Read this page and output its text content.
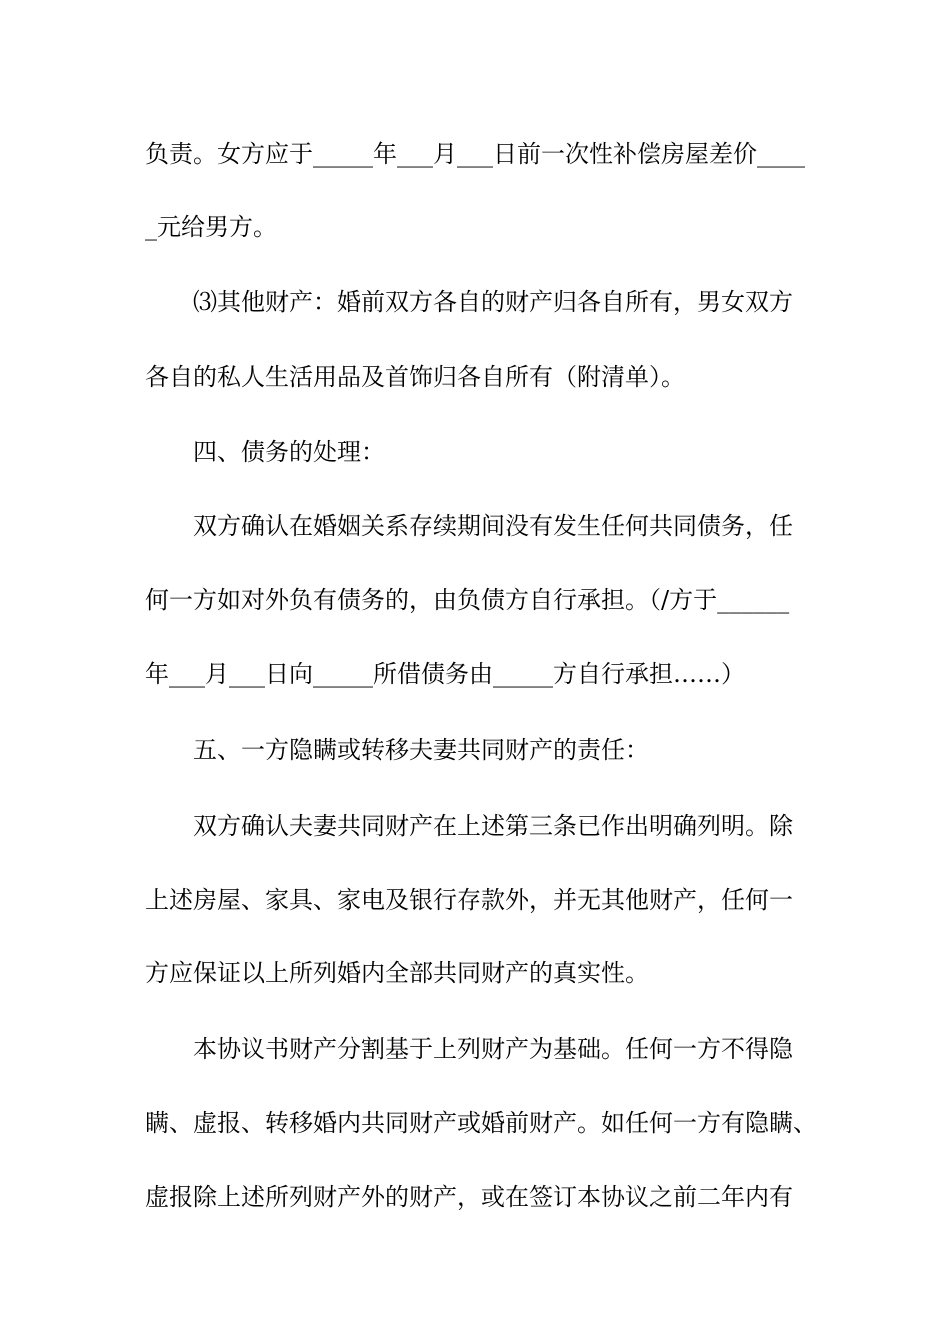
负责。女方应于_____年___月___日前一次性补偿房屋差价____
_元给男方。
⑶其他财产：婚前双方各自的财产归各自所有，男女双方
各自的私人生活用品及首饰归各自所有（附清单）。
四、债务的处理：
双方确认在婚姻关系存续期间没有发生任何共同债务，任
何一方如对外负有债务的，由负债方自行承担。（/方于______
年___月___日向_____所借债务由_____方自行承担……）
五、一方隐瞒或转移夫妻共同财产的责任：
双方确认夫妻共同财产在上述第三条已作出明确列明。除
上述房屋、家具、家电及银行存款外，并无其他财产，任何一
方应保证以上所列婚内全部共同财产的真实性。
本协议书财产分割基于上列财产为基础。任何一方不得隐
瞒、虚报、转移婚内共同财产或婚前财产。如任何一方有隐瞒、
虚报除上述所列财产外的财产，或在签订本协议之前二年内有
